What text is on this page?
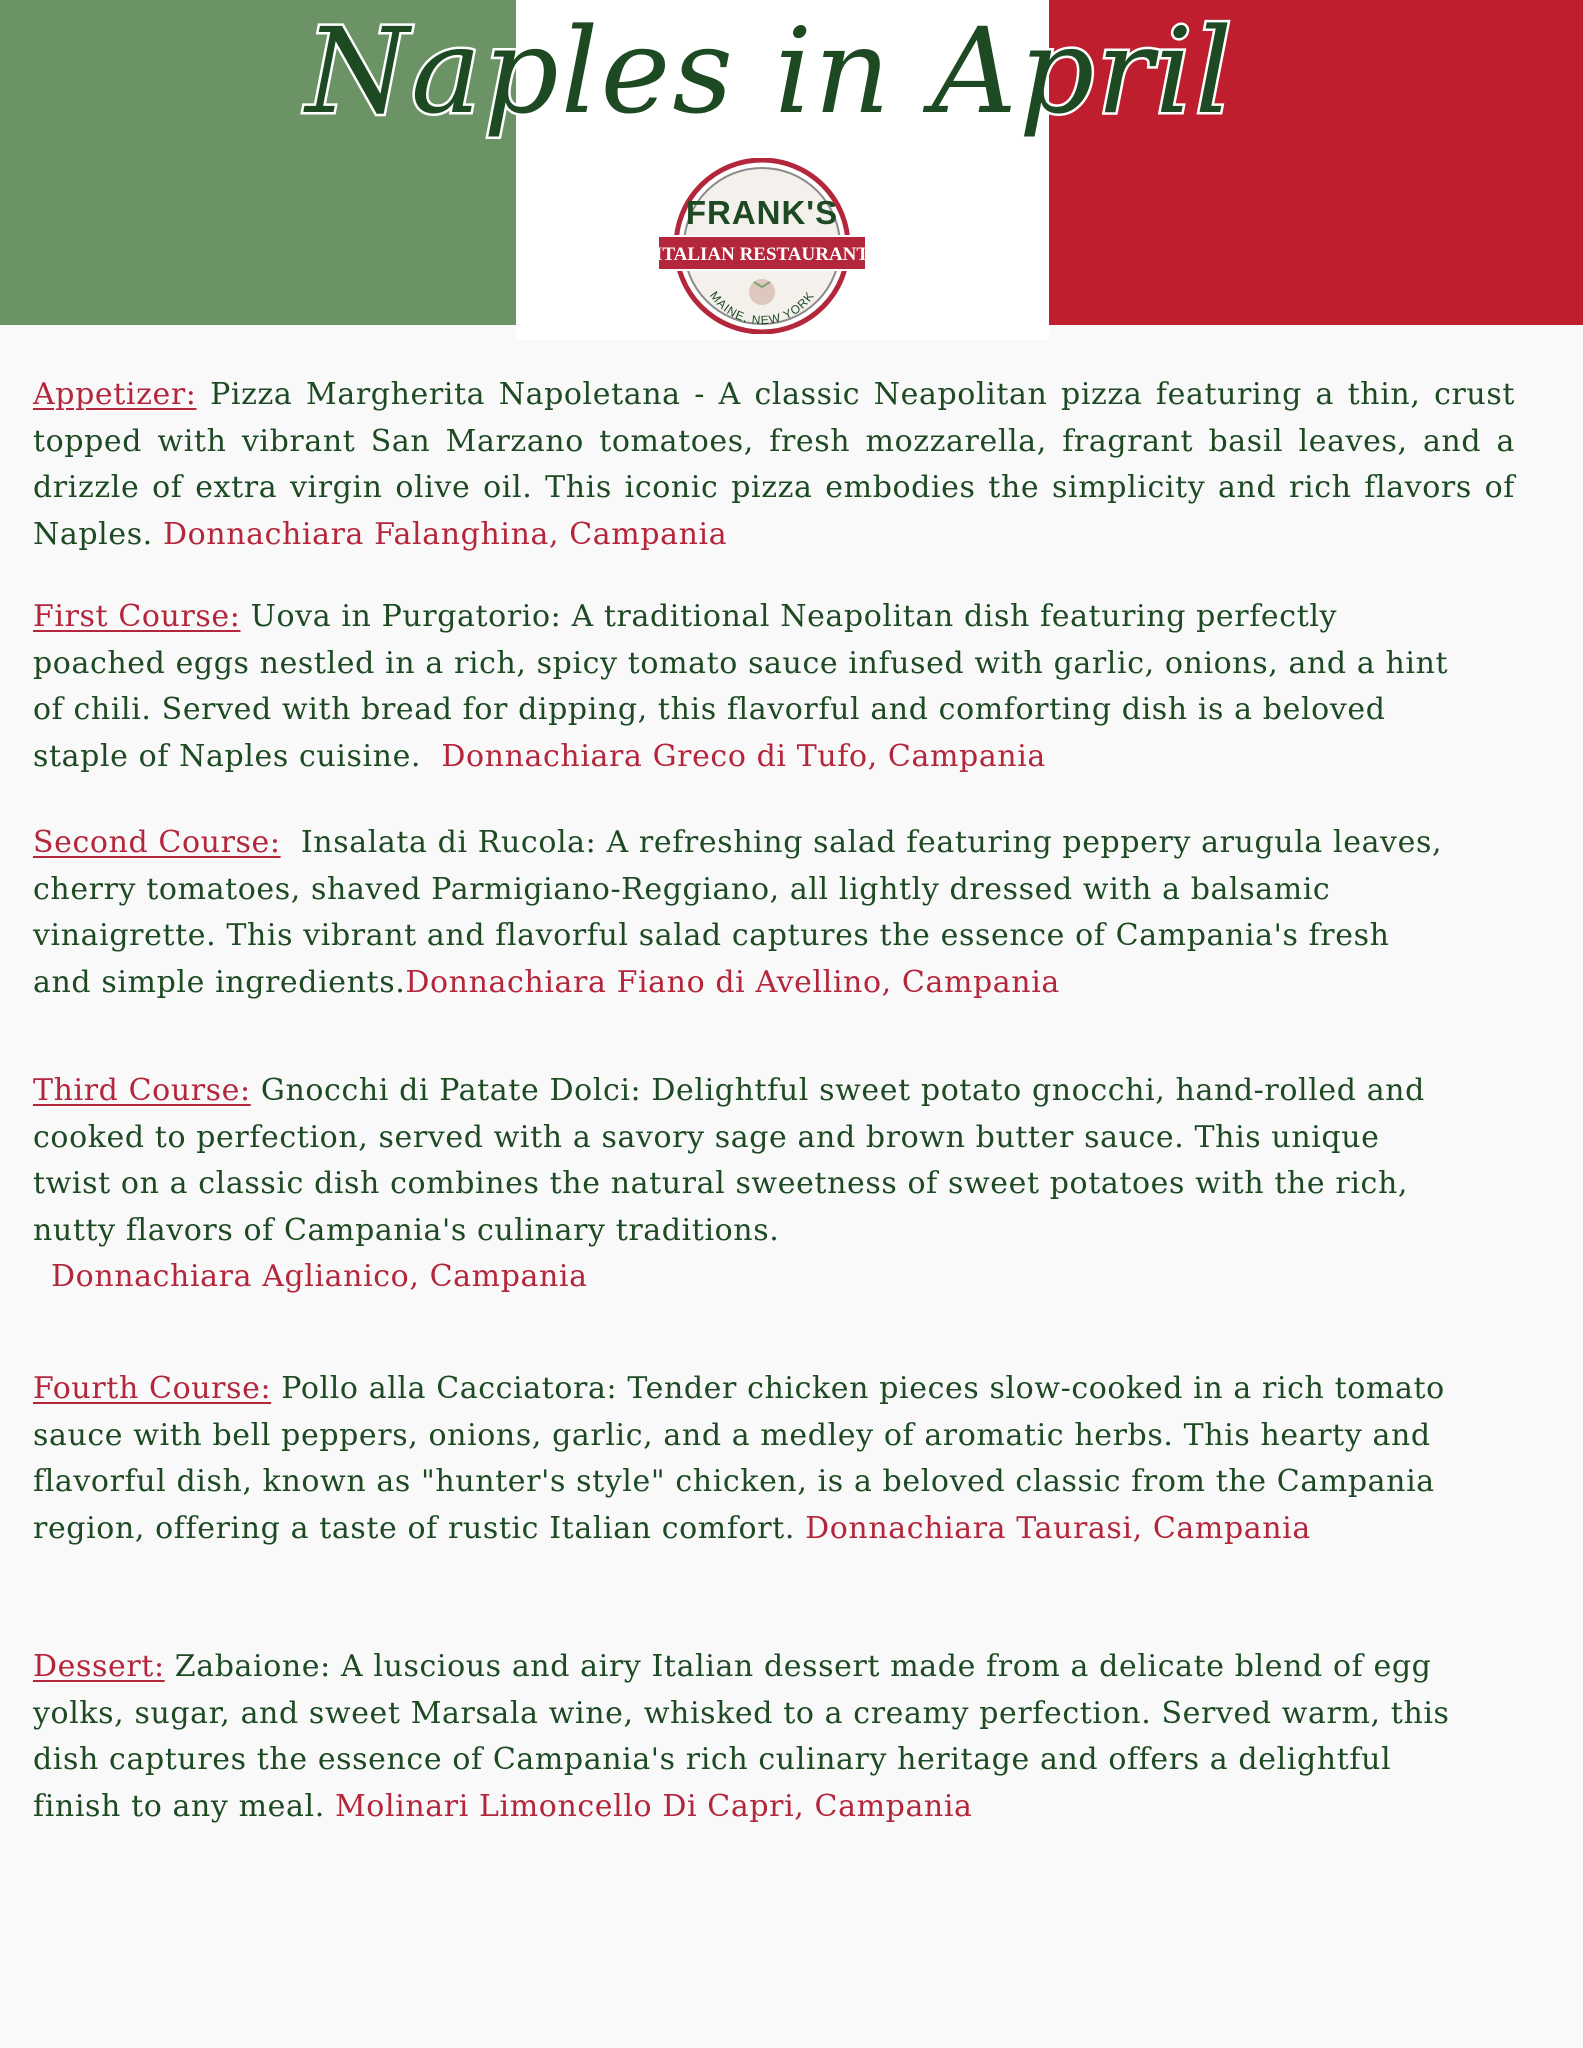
Naples in April
FRANK'S
ITALIAN RESTAURANT
MAINE, NEW YORK

Appetizer: Pizza Margherita Napoletana - A classic Neapolitan pizza featuring a thin, crust topped with vibrant San Marzano tomatoes, fresh mozzarella, fragrant basil leaves, and a drizzle of extra virgin olive oil. This iconic pizza embodies the simplicity and rich flavors of Naples. Donnachiara Falanghina, Campania

First Course: Uova in Purgatorio: A traditional Neapolitan dish featuring perfectly poached eggs nestled in a rich, spicy tomato sauce infused with garlic, onions, and a hint of chili. Served with bread for dipping, this flavorful and comforting dish is a beloved staple of Naples cuisine. Donnachiara Greco di Tufo, Campania

Second Course: Insalata di Rucola: A refreshing salad featuring peppery arugula leaves, cherry tomatoes, shaved Parmigiano-Reggiano, all lightly dressed with a balsamic vinaigrette. This vibrant and flavorful salad captures the essence of Campania's fresh and simple ingredients.Donnachiara Fiano di Avellino, Campania

Third Course: Gnocchi di Patate Dolci: Delightful sweet potato gnocchi, hand-rolled and cooked to perfection, served with a savory sage and brown butter sauce. This unique twist on a classic dish combines the natural sweetness of sweet potatoes with the rich, nutty flavors of Campania's culinary traditions.
Donnachiara Aglianico, Campania

Fourth Course: Pollo alla Cacciatora: Tender chicken pieces slow-cooked in a rich tomato sauce with bell peppers, onions, garlic, and a medley of aromatic herbs. This hearty and flavorful dish, known as "hunter's style" chicken, is a beloved classic from the Campania region, offering a taste of rustic Italian comfort. Donnachiara Taurasi, Campania

Dessert: Zabaione: A luscious and airy Italian dessert made from a delicate blend of egg yolks, sugar, and sweet Marsala wine, whisked to a creamy perfection. Served warm, this dish captures the essence of Campania's rich culinary heritage and offers a delightful finish to any meal. Molinari Limoncello Di Capri, Campania
